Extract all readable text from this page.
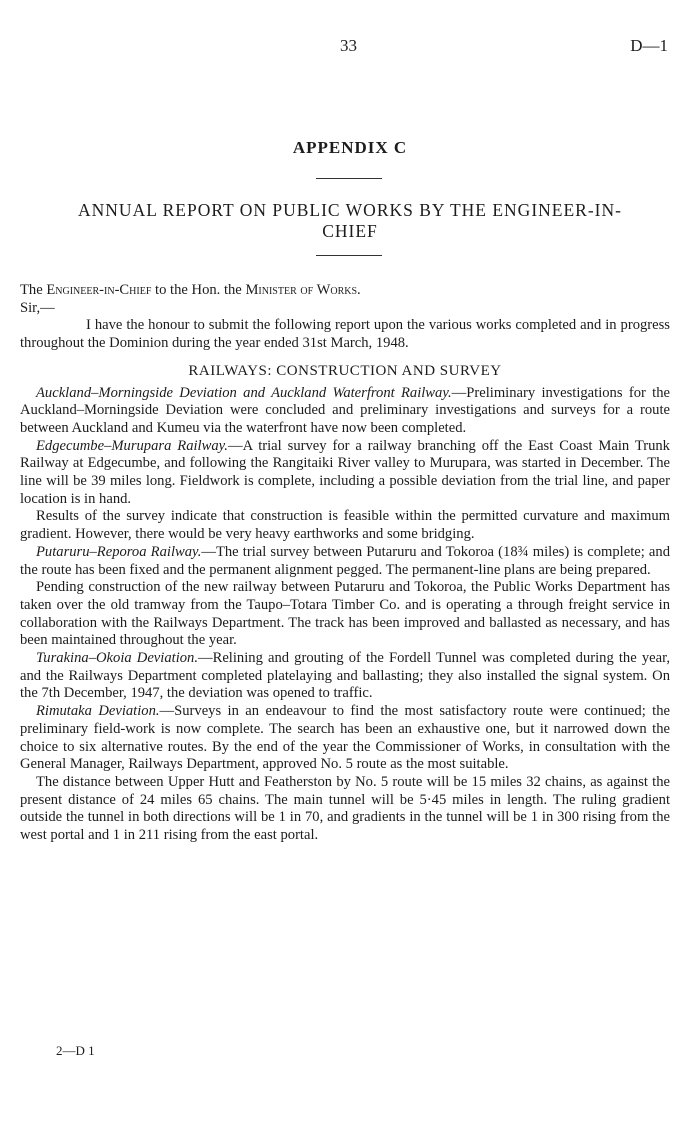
33	D—1
APPENDIX C
ANNUAL REPORT ON PUBLIC WORKS BY THE ENGINEER-IN-CHIEF

The Engineer-in-Chief to the Hon. the Minister of Works.

Sir,—

I have the honour to submit the following report upon the various works completed and in progress throughout the Dominion during the year ended 31st March, 1948.

RAILWAYS: CONSTRUCTION AND SURVEY

Auckland–Morningside Deviation and Auckland Waterfront Railway.—Preliminary investigations for the Auckland–Morningside Deviation were concluded and preliminary investigations and surveys for a route between Auckland and Kumeu via the waterfront have now been completed.

Edgecumbe–Murupara Railway.—A trial survey for a railway branching off the East Coast Main Trunk Railway at Edgecumbe, and following the Rangitaiki River valley to Murupara, was started in December. The line will be 39 miles long. Fieldwork is complete, including a possible deviation from the trial line, and paper location is in hand.

Results of the survey indicate that construction is feasible within the permitted curvature and maximum gradient. However, there would be very heavy earthworks and some bridging.

Putaruru–Reporoa Railway.—The trial survey between Putaruru and Tokoroa (18¾ miles) is complete; and the route has been fixed and the permanent alignment pegged. The permanent-line plans are being prepared.

Pending construction of the new railway between Putaruru and Tokoroa, the Public Works Department has taken over the old tramway from the Taupo–Totara Timber Co. and is operating a through freight service in collaboration with the Railways Department. The track has been improved and ballasted as necessary, and has been maintained throughout the year.

Turakina–Okoia Deviation.—Relining and grouting of the Fordell Tunnel was completed during the year, and the Railways Department completed platelaying and ballasting; they also installed the signal system. On the 7th December, 1947, the deviation was opened to traffic.

Rimutaka Deviation.—Surveys in an endeavour to find the most satisfactory route were continued; the preliminary field-work is now complete. The search has been an exhaustive one, but it narrowed down the choice to six alternative routes. By the end of the year the Commissioner of Works, in consultation with the General Manager, Railways Department, approved No. 5 route as the most suitable.

The distance between Upper Hutt and Featherston by No. 5 route will be 15 miles 32 chains, as against the present distance of 24 miles 65 chains. The main tunnel will be 5·45 miles in length. The ruling gradient outside the tunnel in both directions will be 1 in 70, and gradients in the tunnel will be 1 in 300 rising from the west portal and 1 in 211 rising from the east portal.

2—D 1
